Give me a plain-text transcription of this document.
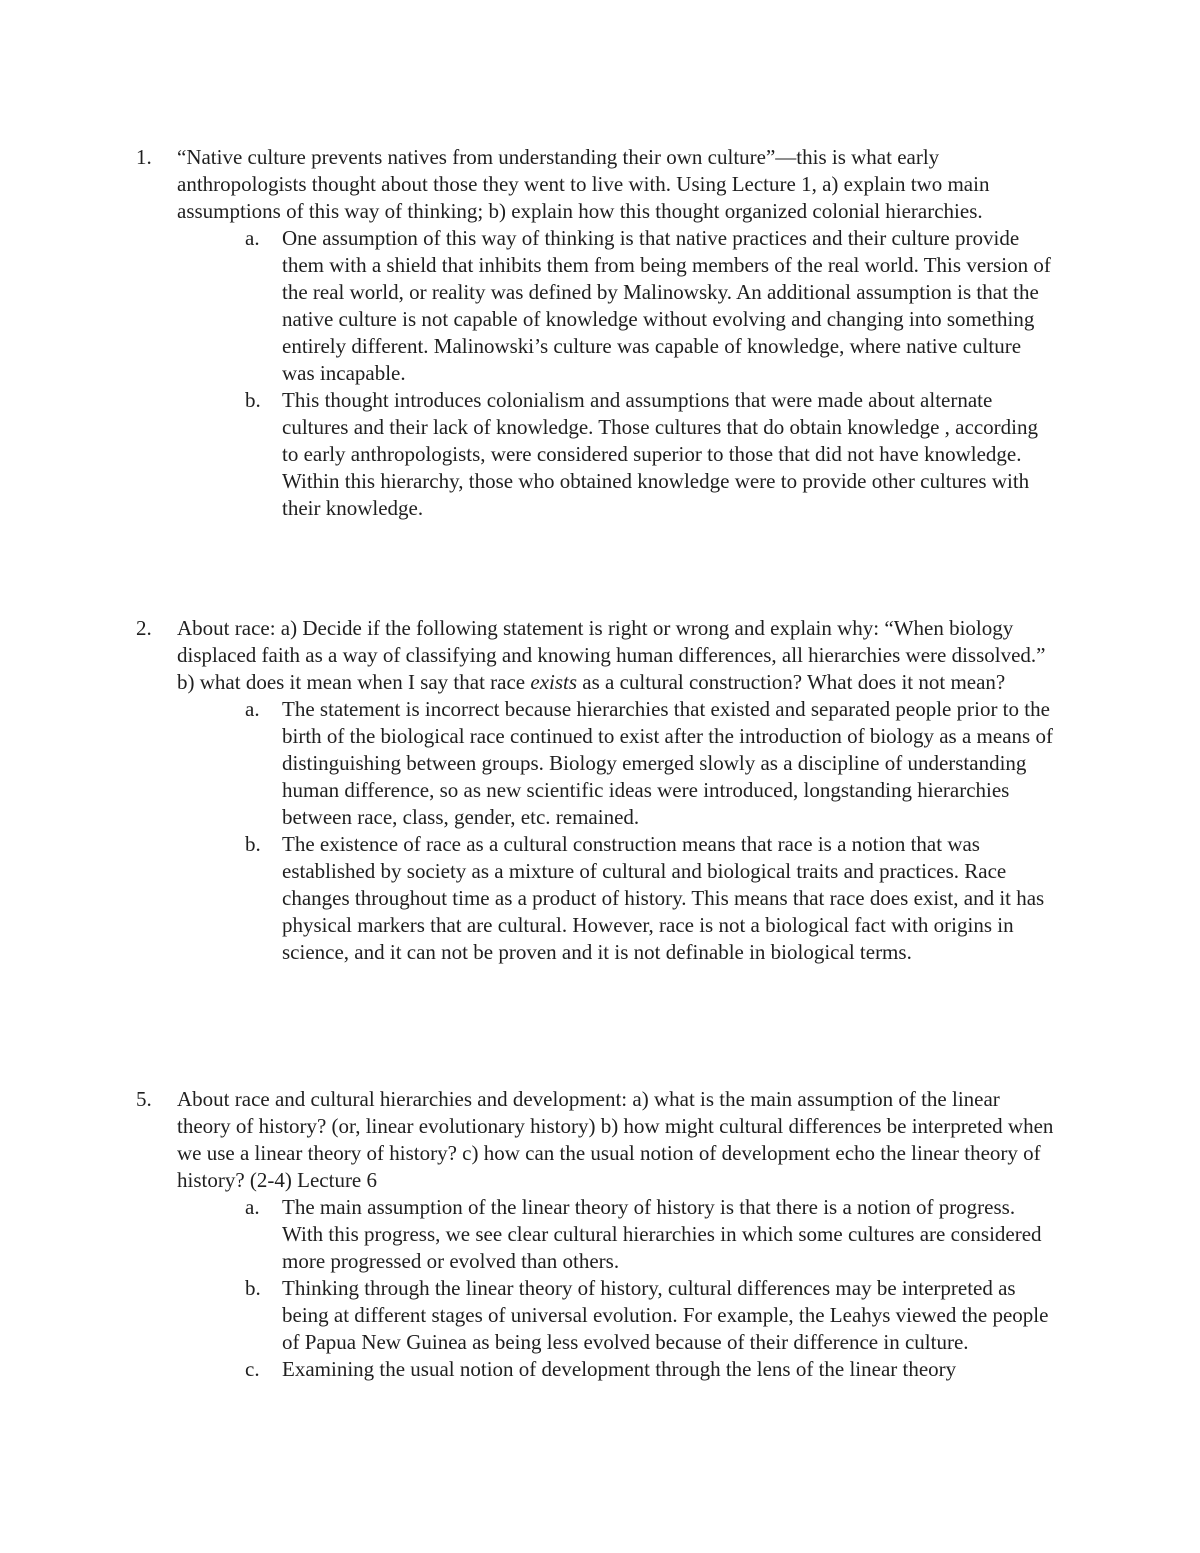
1.	“Native culture prevents natives from understanding their own culture”—this is what early anthropologists thought about those they went to live with. Using Lecture 1, a) explain two main assumptions of this way of thinking; b) explain how this thought organized colonial hierarchies.
a.	One assumption of this way of thinking is that native practices and their culture provide them with a shield that inhibits them from being members of the real world. This version of the real world, or reality was defined by Malinowsky. An additional assumption is that the native culture is not capable of knowledge without evolving and changing into something entirely different. Malinowski’s culture was capable of knowledge, where native culture was incapable.
b.	This thought introduces colonialism and assumptions that were made about alternate cultures and their lack of knowledge. Those cultures that do obtain knowledge , according to early anthropologists, were considered superior to those that did not have knowledge. Within this hierarchy, those who obtained knowledge were to provide other cultures with their knowledge.
2.	About race: a) Decide if the following statement is right or wrong and explain why: “When biology displaced faith as a way of classifying and knowing human differences, all hierarchies were dissolved.” b) what does it mean when I say that race exists as a cultural construction? What does it not mean?
a.	The statement is incorrect because hierarchies that existed and separated people prior to the birth of the biological race continued to exist after the introduction of biology as a means of distinguishing between groups. Biology emerged slowly as a discipline of understanding human difference, so as new scientific ideas were introduced, longstanding hierarchies between race, class, gender, etc. remained.
b.	The existence of race as a cultural construction means that race is a notion that was established by society as a mixture of cultural and biological traits and practices. Race changes throughout time as a product of history. This means that race does exist, and it has physical markers that are cultural. However, race is not a biological fact with origins in science, and it can not be proven and it is not definable in biological terms.
5.	About race and cultural hierarchies and development: a) what is the main assumption of the linear theory of history? (or, linear evolutionary history) b) how might cultural differences be interpreted when we use a linear theory of history? c) how can the usual notion of development echo the linear theory of history? (2-4) Lecture 6
a.	The main assumption of the linear theory of history is that there is a notion of progress. With this progress, we see clear cultural hierarchies in which some cultures are considered more progressed or evolved than others.
b.	Thinking through the linear theory of history, cultural differences may be interpreted as being at different stages of universal evolution. For example, the Leahys viewed the people of Papua New Guinea as being less evolved because of their difference in culture.
c.	Examining the usual notion of development through the lens of the linear theory
